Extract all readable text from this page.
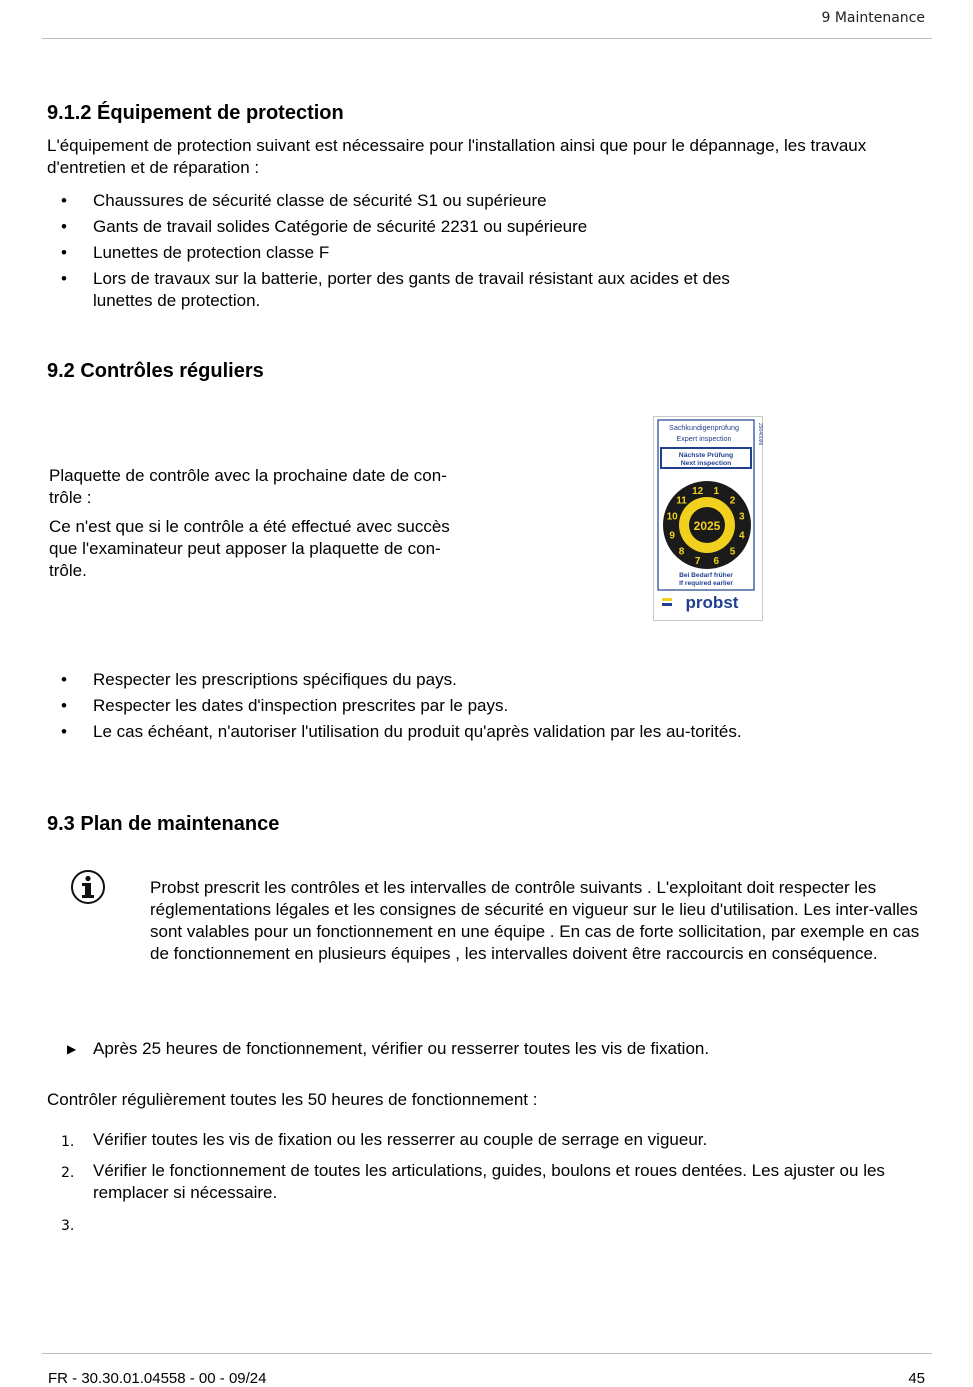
9 Maintenance
9.1.2 Équipement de protection

L'équipement de protection suivant est nécessaire pour l'installation ainsi que pour le dépannage, les travaux d'entretien et de réparation :

• Chaussures de sécurité classe de sécurité S1 ou supérieure
• Gants de travail solides Catégorie de sécurité 2231 ou supérieure
• Lunettes de protection classe F
• Lors de travaux sur la batterie, porter des gants de travail résistant aux acides et des lunettes de protection.
9.2 Contrôles réguliers

Plaquette de contrôle avec la prochaine date de con-trôle :

Ce n'est que si le contrôle a été effectué avec succès que l'examinateur peut apposer la plaquette de con-trôle.

Sachkundigenprüfung
Expert inspection	29040096
Nächste Prüfung
Next inspection
2025
1
2
3
4
5
6
7
8
9
10
11
12
Bei Bedarf früher
If required earlier
probst
• Respecter les prescriptions spécifiques du pays.
• Respecter les dates d'inspection prescrites par le pays.
• Le cas échéant, n'autoriser l'utilisation du produit qu'après validation par les au-torités.
9.3 Plan de maintenance

Probst prescrit les contrôles et les intervalles de contrôle suivants . L'exploitant doit respecter les réglementations légales et les consignes de sécurité en vigueur sur le lieu d'utilisation. Les inter-valles sont valables pour un fonctionnement en une équipe . En cas de forte sollicitation, par exemple en cas de fonctionnement en plusieurs équipes , les intervalles doivent être raccourcis en conséquence.

▶ Après 25 heures de fonctionnement, vérifier ou resserrer toutes les vis de fixation.

Contrôler régulièrement toutes les 50 heures de fonctionnement :

1. Vérifier toutes les vis de fixation ou les resserrer au couple de serrage en vigueur.
2. Vérifier le fonctionnement de toutes les articulations, guides, boulons et roues dentées. Les ajuster ou les remplacer si nécessaire.
3.
FR - 30.30.01.04558 - 00 - 09/24	45
